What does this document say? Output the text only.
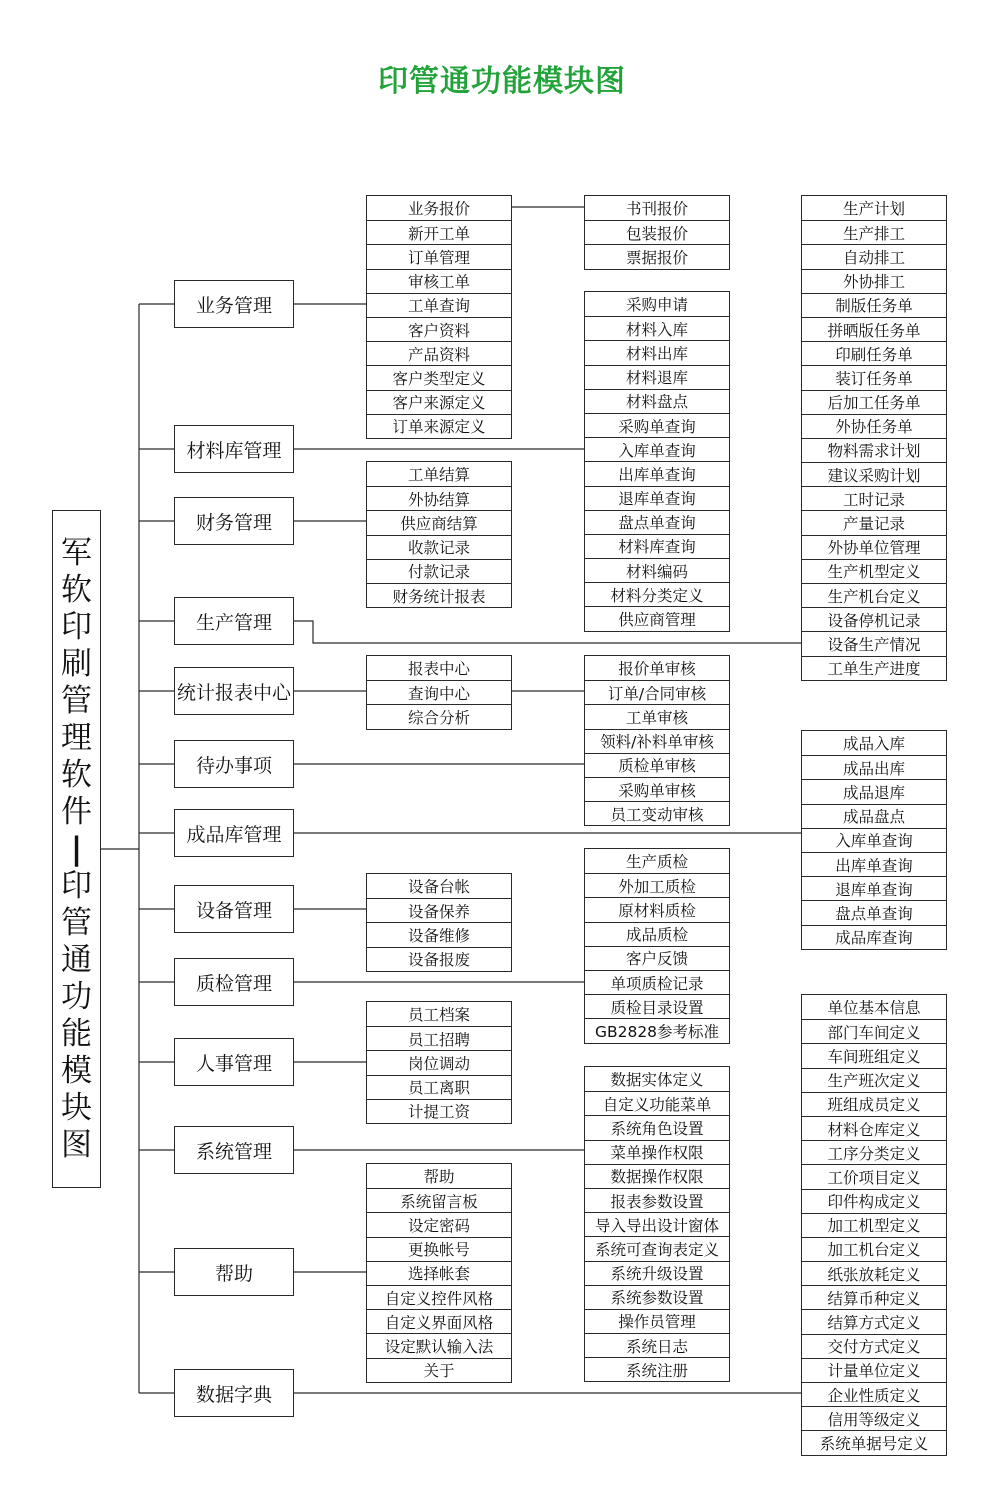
印管通功能模块图
军
软
印
刷
管
理
软
件
|
印
管
通
功
能
模
块
图
业务管理
材料库管理
财务管理
生产管理
统计报表中心
待办事项
成品库管理
设备管理
质检管理
人事管理
系统管理
帮助
数据字典
业务报价
新开工单
订单管理
审核工单
工单查询
客户资料
产品资料
客户类型定义
客户来源定义
订单来源定义
书刊报价
包装报价
票据报价
采购申请
材料入库
材料出库
材料退库
材料盘点
采购单查询
入库单查询
出库单查询
退库单查询
盘点单查询
材料库查询
材料编码
材料分类定义
供应商管理
工单结算
外协结算
供应商结算
收款记录
付款记录
财务统计报表
生产计划
生产排工
自动排工
外协排工
制版任务单
拼晒版任务单
印刷任务单
装订任务单
后加工任务单
外协任务单
物料需求计划
建议采购计划
工时记录
产量记录
外协单位管理
生产机型定义
生产机台定义
设备停机记录
设备生产情况
工单生产进度
报表中心
查询中心
综合分析
报价单审核
订单/合同审核
工单审核
领料/补料单审核
质检单审核
采购单审核
员工变动审核
成品入库
成品出库
成品退库
成品盘点
入库单查询
出库单查询
退库单查询
盘点单查询
成品库查询
设备台帐
设备保养
设备维修
设备报废
生产质检
外加工质检
原材料质检
成品质检
客户反馈
单项质检记录
质检目录设置
GB2828参考标准
员工档案
员工招聘
岗位调动
员工离职
计提工资
数据实体定义
自定义功能菜单
系统角色设置
菜单操作权限
数据操作权限
报表参数设置
导入导出设计窗体
系统可查询表定义
系统升级设置
系统参数设置
操作员管理
系统日志
系统注册
帮助
系统留言板
设定密码
更换帐号
选择帐套
自定义控件风格
自定义界面风格
设定默认输入法
关于
单位基本信息
部门车间定义
车间班组定义
生产班次定义
班组成员定义
材料仓库定义
工序分类定义
工价项目定义
印件构成定义
加工机型定义
加工机台定义
纸张放耗定义
结算币种定义
结算方式定义
交付方式定义
计量单位定义
企业性质定义
信用等级定义
系统单据号定义
